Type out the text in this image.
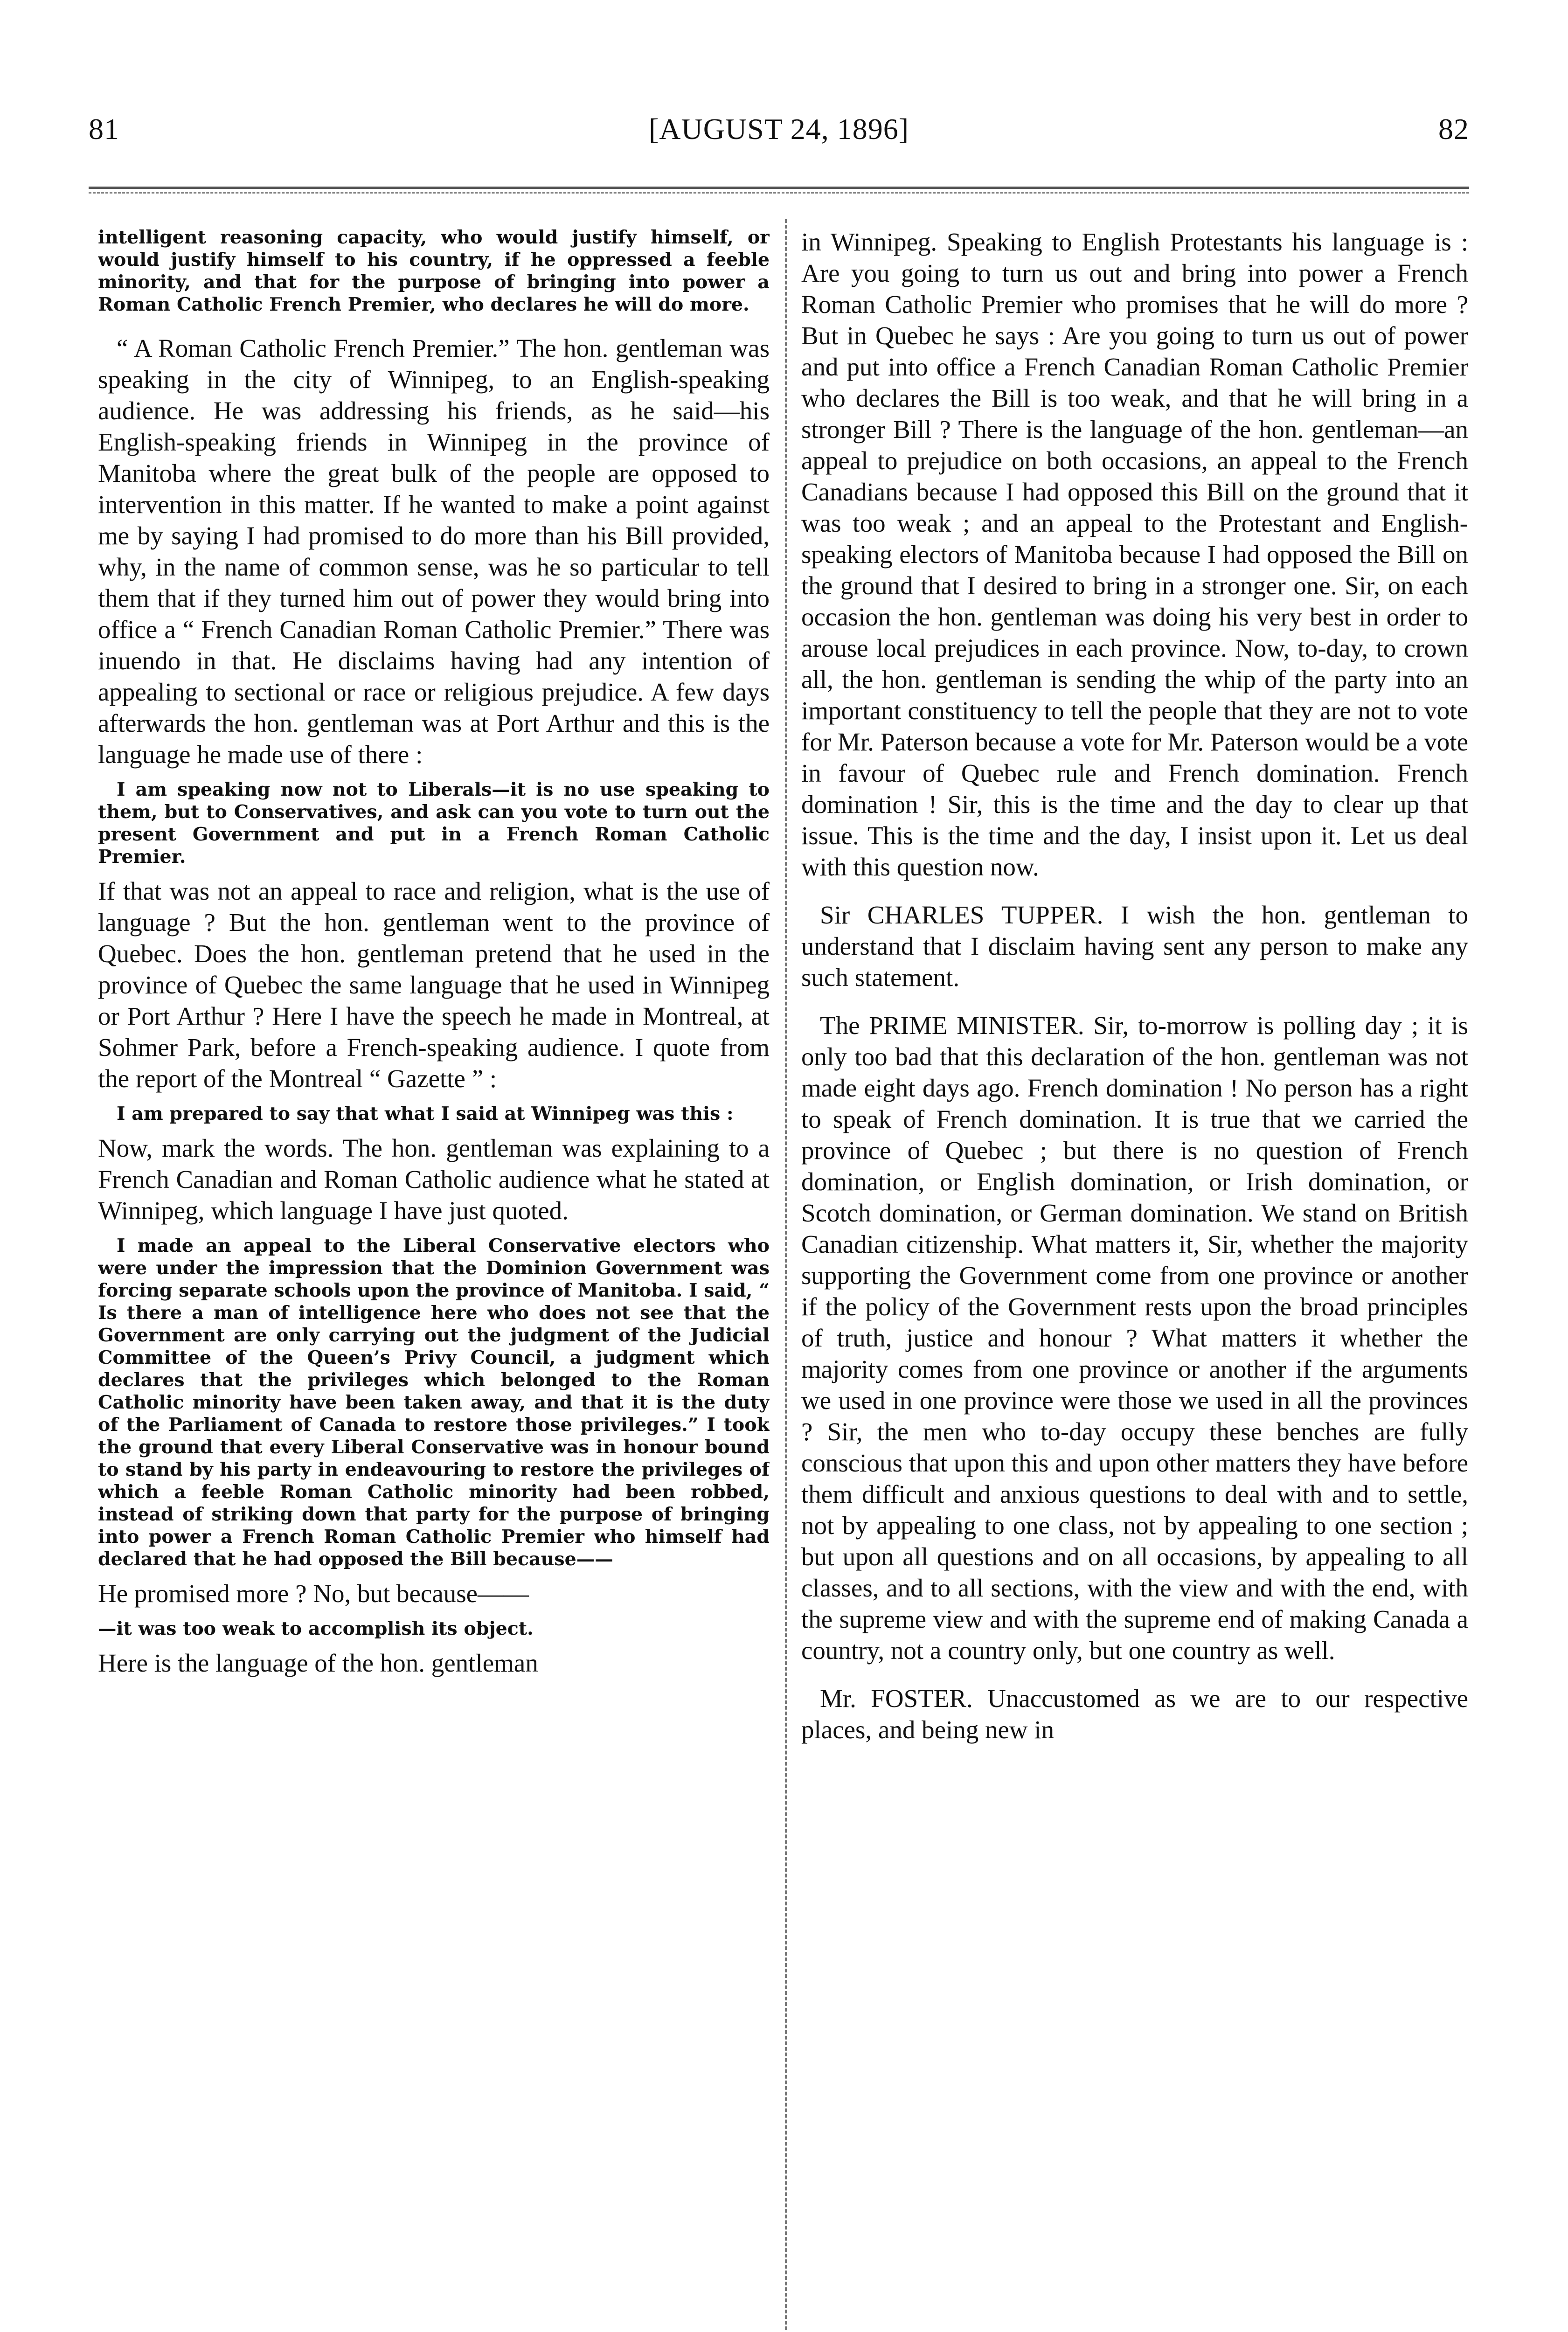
81	[AUGUST 24, 1896]	82

intelligent reasoning capacity, who would justify himself, or would justify himself to his country, if he oppressed a feeble minority, and that for the purpose of bringing into power a Roman Catholic French Premier, who declares he will do more.

“ A Roman Catholic French Premier.” The hon. gentleman was speaking in the city of Winnipeg, to an English-speaking audience. He was addressing his friends, as he said—his English-speaking friends in Winnipeg in the province of Manitoba where the great bulk of the people are opposed to intervention in this matter. If he wanted to make a point against me by saying I had promised to do more than his Bill provided, why, in the name of common sense, was he so particular to tell them that if they turned him out of power they would bring into office a “ French Canadian Roman Catholic Premier.” There was inuendo in that. He disclaims having had any intention of appealing to sectional or race or religious prejudice. A few days afterwards the hon. gentleman was at Port Arthur and this is the language he made use of there :

I am speaking now not to Liberals—it is no use speaking to them, but to Conservatives, and ask can you vote to turn out the present Government and put in a French Roman Catholic Premier.

If that was not an appeal to race and religion, what is the use of language ? But the hon. gentleman went to the province of Quebec. Does the hon. gentleman pretend that he used in the province of Quebec the same language that he used in Winnipeg or Port Arthur ? Here I have the speech he made in Montreal, at Sohmer Park, before a French-speaking audience. I quote from the report of the Montreal “ Gazette ” :

I am prepared to say that what I said at Winnipeg was this :

Now, mark the words. The hon. gentleman was explaining to a French Canadian and Roman Catholic audience what he stated at Winnipeg, which language I have just quoted.

I made an appeal to the Liberal Conservative electors who were under the impression that the Dominion Government was forcing separate schools upon the province of Manitoba. I said, “ Is there a man of intelligence here who does not see that the Government are only carrying out the judgment of the Judicial Committee of the Queen’s Privy Council, a judgment which declares that the privileges which belonged to the Roman Catholic minority have been taken away, and that it is the duty of the Parliament of Canada to restore those privileges.” I took the ground that every Liberal Conservative was in honour bound to stand by his party in endeavouring to restore the privileges of which a feeble Roman Catholic minority had been robbed, instead of striking down that party for the purpose of bringing into power a French Roman Catholic Premier who himself had declared that he had opposed the Bill because——

He promised more ? No, but because——

—it was too weak to accomplish its object.

Here is the language of the hon. gentleman

in Winnipeg. Speaking to English Protestants his language is : Are you going to turn us out and bring into power a French Roman Catholic Premier who promises that he will do more ? But in Quebec he says : Are you going to turn us out of power and put into office a French Canadian Roman Catholic Premier who declares the Bill is too weak, and that he will bring in a stronger Bill ? There is the language of the hon. gentleman—an appeal to prejudice on both occasions, an appeal to the French Canadians because I had opposed this Bill on the ground that it was too weak ; and an appeal to the Protestant and English-speaking electors of Manitoba because I had opposed the Bill on the ground that I desired to bring in a stronger one. Sir, on each occasion the hon. gentleman was doing his very best in order to arouse local prejudices in each province. Now, to-day, to crown all, the hon. gentleman is sending the whip of the party into an important constituency to tell the people that they are not to vote for Mr. Paterson because a vote for Mr. Paterson would be a vote in favour of Quebec rule and French domination. French domination ! Sir, this is the time and the day to clear up that issue. This is the time and the day, I insist upon it. Let us deal with this question now.

Sir CHARLES TUPPER. I wish the hon. gentleman to understand that I disclaim having sent any person to make any such statement.

The PRIME MINISTER. Sir, to-morrow is polling day ; it is only too bad that this declaration of the hon. gentleman was not made eight days ago. French domination ! No person has a right to speak of French domination. It is true that we carried the province of Quebec ; but there is no question of French domination, or English domination, or Irish domination, or Scotch domination, or German domination. We stand on British Canadian citizenship. What matters it, Sir, whether the majority supporting the Government come from one province or another if the policy of the Government rests upon the broad principles of truth, justice and honour ? What matters it whether the majority comes from one province or another if the arguments we used in one province were those we used in all the provinces ? Sir, the men who to-day occupy these benches are fully conscious that upon this and upon other matters they have before them difficult and anxious questions to deal with and to settle, not by appealing to one class, not by appealing to one section ; but upon all questions and on all occasions, by appealing to all classes, and to all sections, with the view and with the end, with the supreme view and with the supreme end of making Canada a country, not a country only, but one country as well.

Mr. FOSTER. Unaccustomed as we are to our respective places, and being new in
